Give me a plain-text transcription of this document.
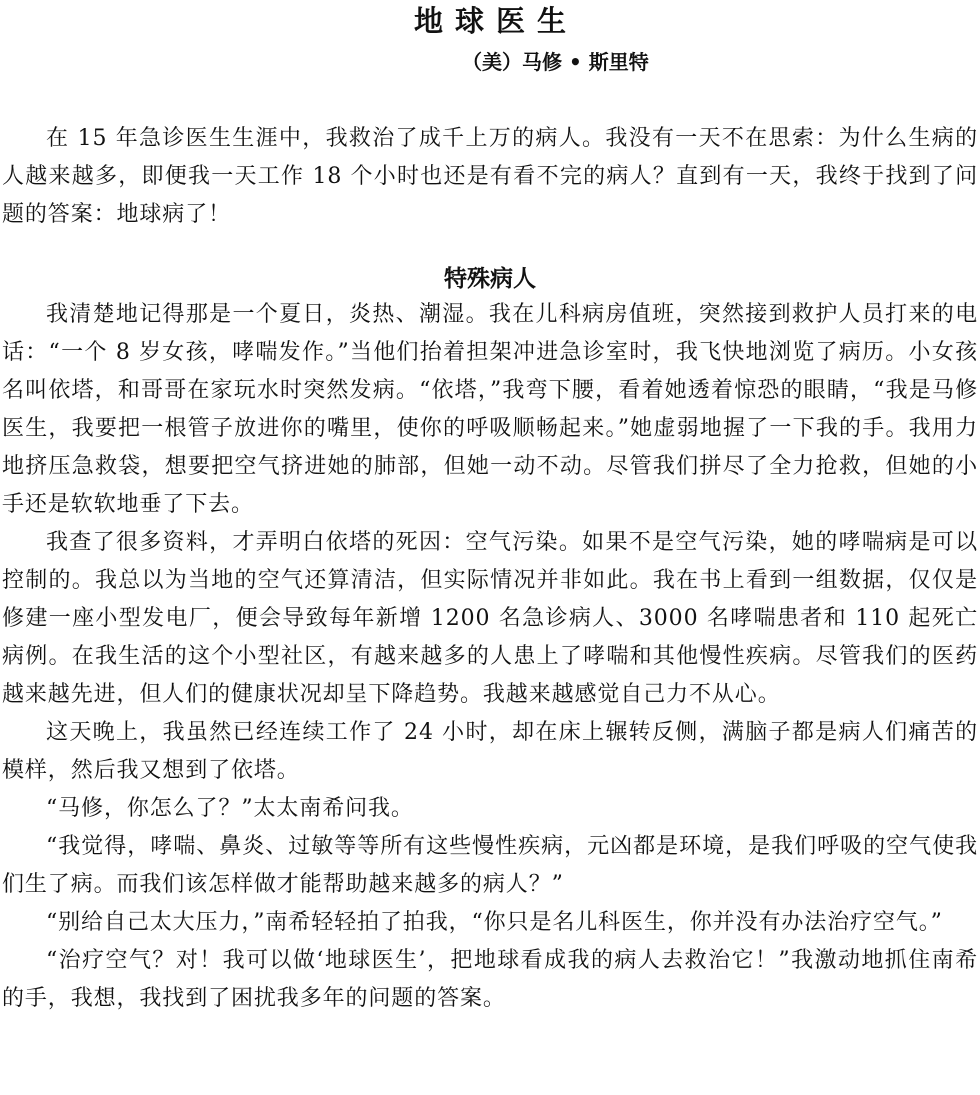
地球医生
（美）马修 • 斯里特

在 15 年急诊医生生涯中，我救治了成千上万的病人。我没有一天不在思索：为什么生病的人越来越多，即便我一天工作 18 个小时也还是有看不完的病人？直到有一天，我终于找到了问题的答案：地球病了！

特殊病人

我清楚地记得那是一个夏日，炎热、潮湿。我在儿科病房值班，突然接到救护人员打来的电话：“一个 8 岁女孩，哮喘发作。”当他们抬着担架冲进急诊室时，我飞快地浏览了病历。小女孩名叫依塔，和哥哥在家玩水时突然发病。“依塔，”我弯下腰，看着她透着惊恐的眼睛，“我是马修医生，我要把一根管子放进你的嘴里，使你的呼吸顺畅起来。”她虚弱地握了一下我的手。我用力地挤压急救袋，想要把空气挤进她的肺部，但她一动不动。尽管我们拼尽了全力抢救，但她的小手还是软软地垂了下去。

我查了很多资料，才弄明白依塔的死因：空气污染。如果不是空气污染，她的哮喘病是可以控制的。我总以为当地的空气还算清洁，但实际情况并非如此。我在书上看到一组数据，仅仅是修建一座小型发电厂，便会导致每年新增 1200 名急诊病人、3000 名哮喘患者和 110 起死亡病例。在我生活的这个小型社区，有越来越多的人患上了哮喘和其他慢性疾病。尽管我们的医药越来越先进，但人们的健康状况却呈下降趋势。我越来越感觉自己力不从心。

这天晚上，我虽然已经连续工作了 24 小时，却在床上辗转反侧，满脑子都是病人们痛苦的模样，然后我又想到了依塔。

“马修，你怎么了？”太太南希问我。

“我觉得，哮喘、鼻炎、过敏等等所有这些慢性疾病，元凶都是环境，是我们呼吸的空气使我们生了病。而我们该怎样做才能帮助越来越多的病人？”

“别给自己太大压力，”南希轻轻拍了拍我，“你只是名儿科医生，你并没有办法治疗空气。”

“治疗空气？对！我可以做‘地球医生’，把地球看成我的病人去救治它！”我激动地抓住南希的手，我想，我找到了困扰我多年的问题的答案。
